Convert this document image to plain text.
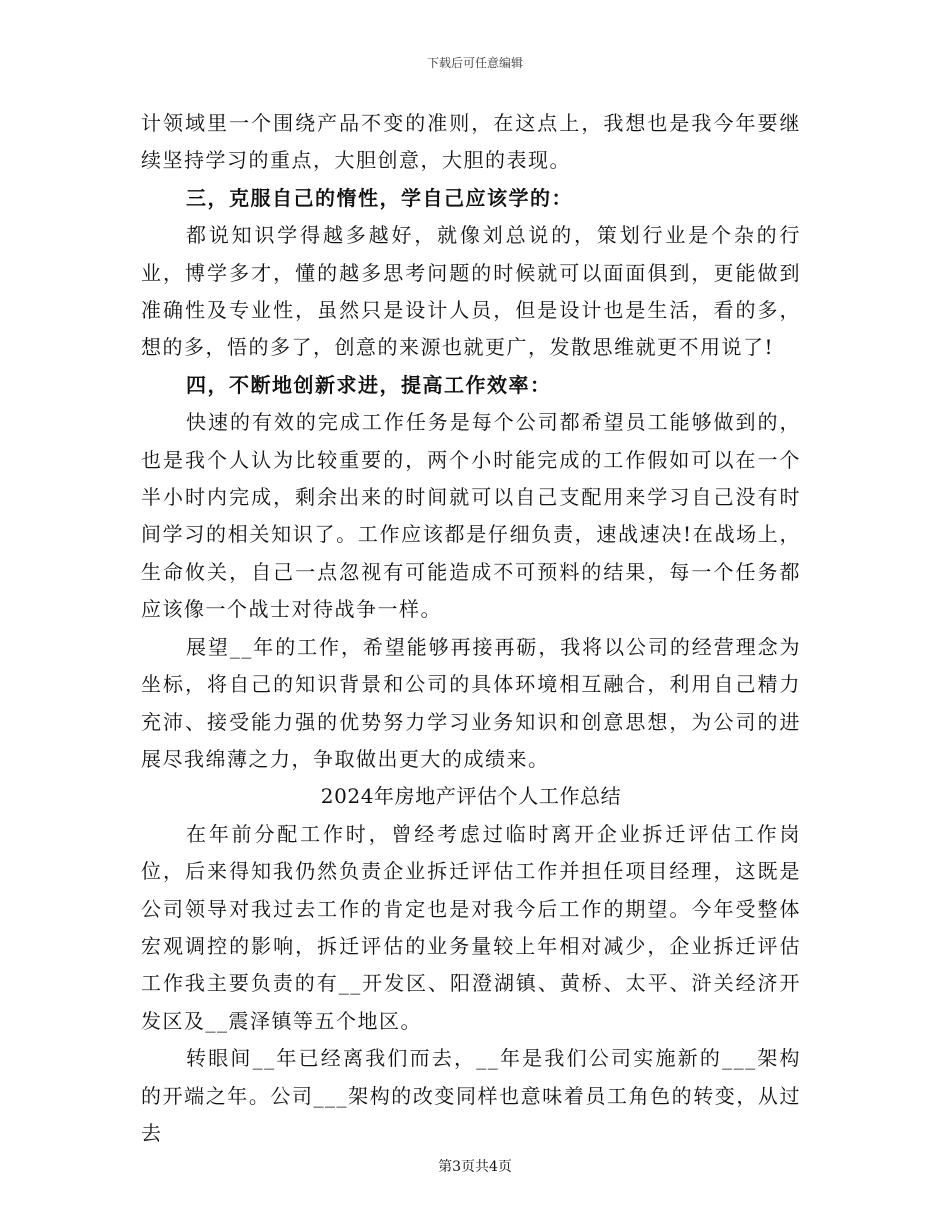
下载后可任意编辑

计领域里一个围绕产品不变的准则，在这点上，我想也是我今年要继续坚持学习的重点，大胆创意，大胆的表现。

三，克服自己的惰性，学自己应该学的：

都说知识学得越多越好，就像刘总说的，策划行业是个杂的行业，博学多才，懂的越多思考问题的时候就可以面面俱到，更能做到准确性及专业性，虽然只是设计人员，但是设计也是生活，看的多，想的多，悟的多了，创意的来源也就更广，发散思维就更不用说了!

四，不断地创新求进，提高工作效率：

快速的有效的完成工作任务是每个公司都希望员工能够做到的，也是我个人认为比较重要的，两个小时能完成的工作假如可以在一个半小时内完成，剩余出来的时间就可以自己支配用来学习自己没有时间学习的相关知识了。工作应该都是仔细负责，速战速决!在战场上，生命攸关，自己一点忽视有可能造成不可预料的结果，每一个任务都应该像一个战士对待战争一样。

展望__年的工作，希望能够再接再砺，我将以公司的经营理念为坐标，将自己的知识背景和公司的具体环境相互融合，利用自己精力充沛、接受能力强的优势努力学习业务知识和创意思想，为公司的进展尽我绵薄之力，争取做出更大的成绩来。

2024年房地产评估个人工作总结

在年前分配工作时，曾经考虑过临时离开企业拆迁评估工作岗位，后来得知我仍然负责企业拆迁评估工作并担任项目经理，这既是公司领导对我过去工作的肯定也是对我今后工作的期望。今年受整体宏观调控的影响，拆迁评估的业务量较上年相对减少，企业拆迁评估工作我主要负责的有__开发区、阳澄湖镇、黄桥、太平、浒关经济开发区及__震泽镇等五个地区。

转眼间__年已经离我们而去，__年是我们公司实施新的___架构的开端之年。公司___架构的改变同样也意味着员工角色的转变，从过去

第3页共4页
